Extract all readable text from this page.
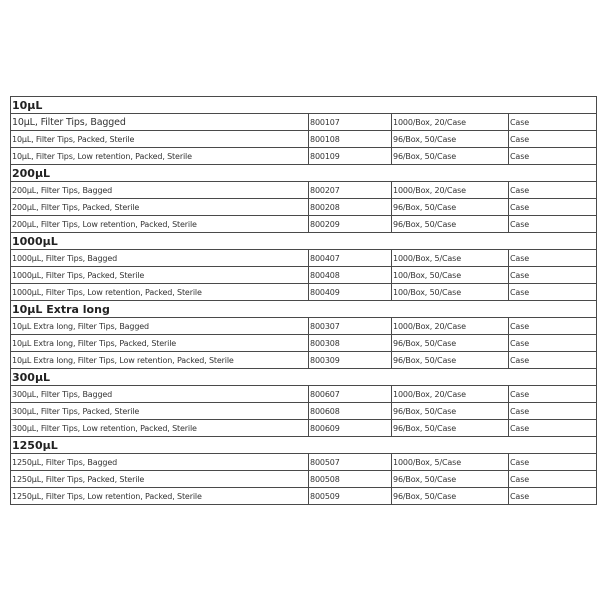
10µL			
10µL, Filter Tips, Bagged	800107	1000/Box, 20/Case	Case
10µL, Filter Tips, Packed, Sterile	800108	96/Box, 50/Case	Case
10µL, Filter Tips, Low retention, Packed, Sterile	800109	96/Box, 50/Case	Case
200µL			
200µL, Filter Tips, Bagged	800207	1000/Box, 20/Case	Case
200µL, Filter Tips, Packed, Sterile	800208	96/Box, 50/Case	Case
200µL, Filter Tips, Low retention, Packed, Sterile	800209	96/Box, 50/Case	Case
1000µL			
1000µL, Filter Tips, Bagged	800407	1000/Box, 5/Case	Case
1000µL, Filter Tips, Packed, Sterile	800408	100/Box, 50/Case	Case
1000µL, Filter Tips, Low retention, Packed, Sterile	800409	100/Box, 50/Case	Case
10µL Extra long			
10µL Extra long, Filter Tips, Bagged	800307	1000/Box, 20/Case	Case
10µL Extra long, Filter Tips, Packed, Sterile	800308	96/Box, 50/Case	Case
10µL Extra long, Filter Tips, Low retention, Packed, Sterile	800309	96/Box, 50/Case	Case
300µL			
300µL, Filter Tips, Bagged	800607	1000/Box, 20/Case	Case
300µL, Filter Tips, Packed, Sterile	800608	96/Box, 50/Case	Case
300µL, Filter Tips, Low retention, Packed, Sterile	800609	96/Box, 50/Case	Case
1250µL			
1250µL, Filter Tips, Bagged	800507	1000/Box, 5/Case	Case
1250µL, Filter Tips, Packed, Sterile	800508	96/Box, 50/Case	Case
1250µL, Filter Tips, Low retention, Packed, Sterile	800509	96/Box, 50/Case	Case
